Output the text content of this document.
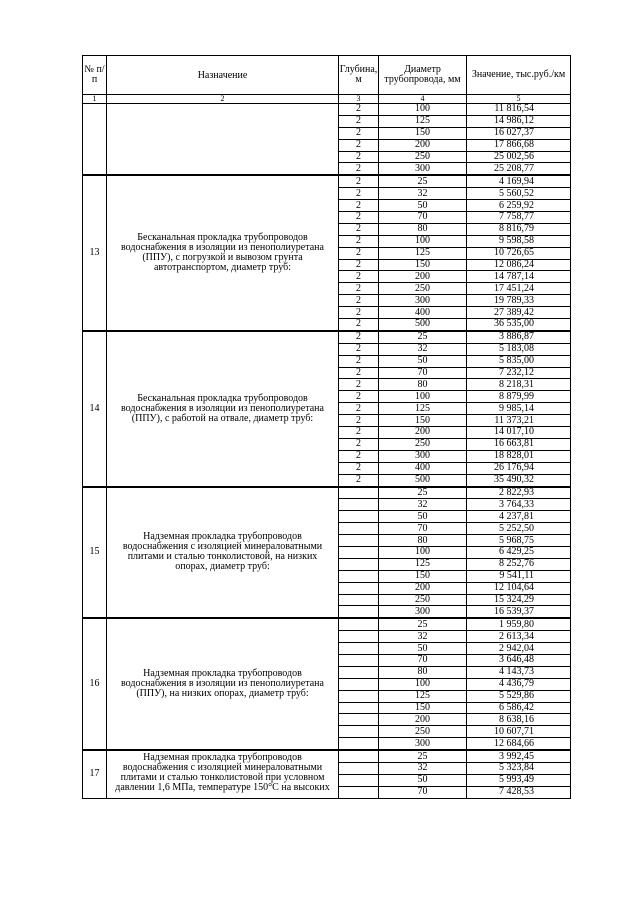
№ п/п	Назначение	Глубина, м	Диаметр трубопровода, мм	Значение, тыс.руб./км
1	2	3	4	5
		2	100	11 816,54
		2	125	14 986,12
		2	150	16 027,37
		2	200	17 866,68
		2	250	25 002,56
		2	300	25 208,77
13	Бесканальная прокладка трубопроводов водоснабжения в изоляции из пенополиуретана (ППУ), с погрузкой и вывозом грунта автотранспортом, диаметр труб:	2	25	4 169,94
		2	32	5 560,52
		2	50	6 259,92
		2	70	7 758,77
		2	80	8 816,79
		2	100	9 598,58
		2	125	10 726,65
		2	150	12 086,24
		2	200	14 787,14
		2	250	17 451,24
		2	300	19 789,33
		2	400	27 389,42
		2	500	36 535,00
14	Бесканальная прокладка трубопроводов водоснабжения в изоляции из пенополиуретана (ППУ), с работой на отвале, диаметр труб:	2	25	3 886,87
		2	32	5 183,08
		2	50	5 835,00
		2	70	7 232,12
		2	80	8 218,31
		2	100	8 879,99
		2	125	9 985,14
		2	150	11 373,21
		2	200	14 017,10
		2	250	16 663,81
		2	300	18 828,01
		2	400	26 176,94
		2	500	35 490,32
15	Надземная прокладка трубопроводов водоснабжения с изоляцией минераловатными плитами и сталью тонколистовой, на низких опорах, диаметр труб:		25	2 822,93
			32	3 764,33
			50	4 237,81
			70	5 252,50
			80	5 968,75
			100	6 429,25
			125	8 252,76
			150	9 541,11
			200	12 104,64
			250	15 324,29
			300	16 539,37
16	Надземная прокладка трубопроводов водоснабжения в изоляции из пенополиуретана (ППУ), на низких опорах, диаметр труб:		25	1 959,80
			32	2 613,34
			50	2 942,04
			70	3 646,48
			80	4 143,73
			100	4 436,79
			125	5 529,86
			150	6 586,42
			200	8 638,16
			250	10 607,71
			300	12 684,66
17	Надземная прокладка трубопроводов водоснабжения с изоляцией минераловатными плитами и сталью тонколистовой при условном давлении 1,6 МПа, температуре 150°С на высоких		25	3 992,45
			32	5 323,84
			50	5 993,49
			70	7 428,53
